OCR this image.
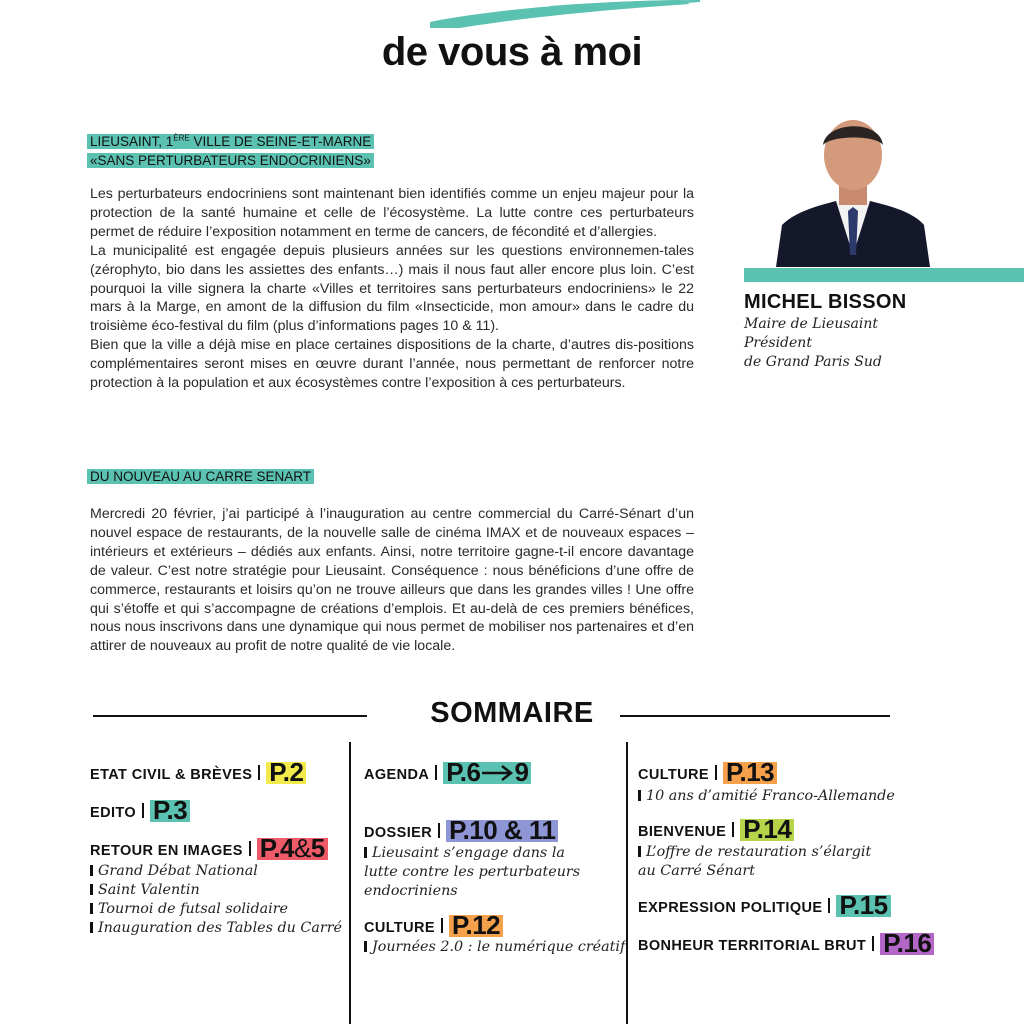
de vous à moi
LIEUSAINT, 1ÈRE VILLE DE SEINE-ET-MARNE
«SANS PERTURBATEURS ENDOCRINIENS»

Les perturbateurs endocriniens sont maintenant bien identifiés comme un enjeu majeur pour la protection de la santé humaine et celle de l’écosystème. La lutte contre ces perturbateurs permet de réduire l’exposition notamment en terme de cancers, de fécondité et d’allergies.

La municipalité est engagée depuis plusieurs années sur les questions environnemen-tales (zérophyto, bio dans les assiettes des enfants…) mais il nous faut aller encore plus loin. C’est pourquoi la ville signera la charte «Villes et territoires sans perturbateurs endocriniens» le 22 mars à la Marge, en amont de la diffusion du film «Insecticide, mon amour» dans le cadre du troisième éco-festival du film (plus d’informations pages 10 & 11).

Bien que la ville a déjà mise en place certaines dispositions de la charte, d’autres dis-positions complémentaires seront mises en œuvre durant l’année, nous permettant de renforcer notre protection à la population et aux écosystèmes contre l’exposition à ces perturbateurs.

DU NOUVEAU AU CARRE SENART

Mercredi 20 février, j’ai participé à l’inauguration au centre commercial du Carré-Sénart d’un nouvel espace de restaurants, de la nouvelle salle de cinéma IMAX et de nouveaux espaces – intérieurs et extérieurs – dédiés aux enfants. Ainsi, notre territoire gagne-t-il encore davantage de valeur. C’est notre stratégie pour Lieusaint. Conséquence : nous bénéficions d’une offre de commerce, restaurants et loisirs qu’on ne trouve ailleurs que dans les grandes villes ! Une offre qui s’étoffe et qui s’accompagne de créations d’emplois. Et au-delà de ces premiers bénéfices, nous nous inscrivons dans une dynamique qui nous permet de mobiliser nos partenaires et d’en attirer de nouveaux au profit de notre qualité de vie locale.

MICHEL BISSON
Maire de Lieusaint
Président
de Grand Paris Sud
SOMMAIRE
ETAT CIVIL & BRÈVES P.2
EDITO P.3
RETOUR EN IMAGES P.4&5
Grand Débat National
Saint Valentin
Tournoi de futsal solidaire
Inauguration des Tables du Carré
AGENDA P.6 9
DOSSIER P.10 & 11
Lieusaint s’engage dans la
lutte contre les perturbateurs
endocriniens
CULTURE P.12
Journées 2.0 : le numérique créatif
CULTURE P.13
10 ans d’amitié Franco-Allemande
BIENVENUE P.14
L’offre de restauration s’élargit
au Carré Sénart
EXPRESSION POLITIQUE P.15
BONHEUR TERRITORIAL BRUT P.16
